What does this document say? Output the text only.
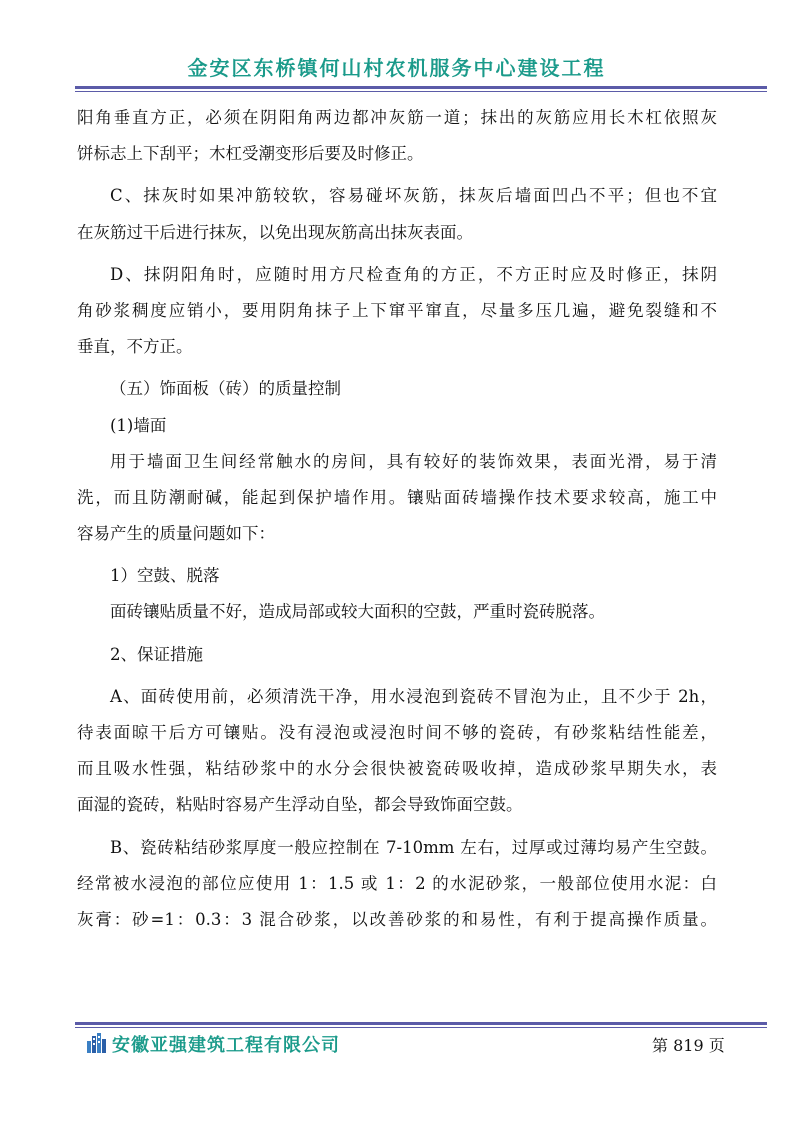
金安区东桥镇何山村农机服务中心建设工程
阳角垂直方正，必须在阴阳角两边都冲灰筋一道；抹出的灰筋应用长木杠依照灰
饼标志上下刮平；木杠受潮变形后要及时修正。
C、抹灰时如果冲筋较软，容易碰坏灰筋，抹灰后墙面凹凸不平；但也不宜
在灰筋过干后进行抹灰，以免出现灰筋高出抹灰表面。
D、抹阴阳角时，应随时用方尺检查角的方正，不方正时应及时修正，抹阴
角砂浆稠度应销小，要用阴角抹子上下窜平窜直，尽量多压几遍，避免裂缝和不
垂直，不方正。
（五）饰面板（砖）的质量控制
(1)墙面
用于墙面卫生间经常触水的房间，具有较好的装饰效果，表面光滑，易于清
洗，而且防潮耐碱，能起到保护墙作用。镶贴面砖墙操作技术要求较高，施工中
容易产生的质量问题如下：
1）空鼓、脱落
面砖镶贴质量不好，造成局部或较大面积的空鼓，严重时瓷砖脱落。
2、保证措施
A、面砖使用前，必须清洗干净，用水浸泡到瓷砖不冒泡为止，且不少于 2h，
待表面晾干后方可镶贴。没有浸泡或浸泡时间不够的瓷砖，有砂浆粘结性能差，
而且吸水性强，粘结砂浆中的水分会很快被瓷砖吸收掉，造成砂浆早期失水，表
面湿的瓷砖，粘贴时容易产生浮动自坠，都会导致饰面空鼓。
B、瓷砖粘结砂浆厚度一般应控制在 7-10mm 左右，过厚或过薄均易产生空鼓。
经常被水浸泡的部位应使用 1：1.5 或 1：2 的水泥砂浆，一般部位使用水泥：白
灰膏：砂=1：0.3：3 混合砂浆，以改善砂浆的和易性，有利于提高操作质量。
安徽亚强建筑工程有限公司	第 819 页
